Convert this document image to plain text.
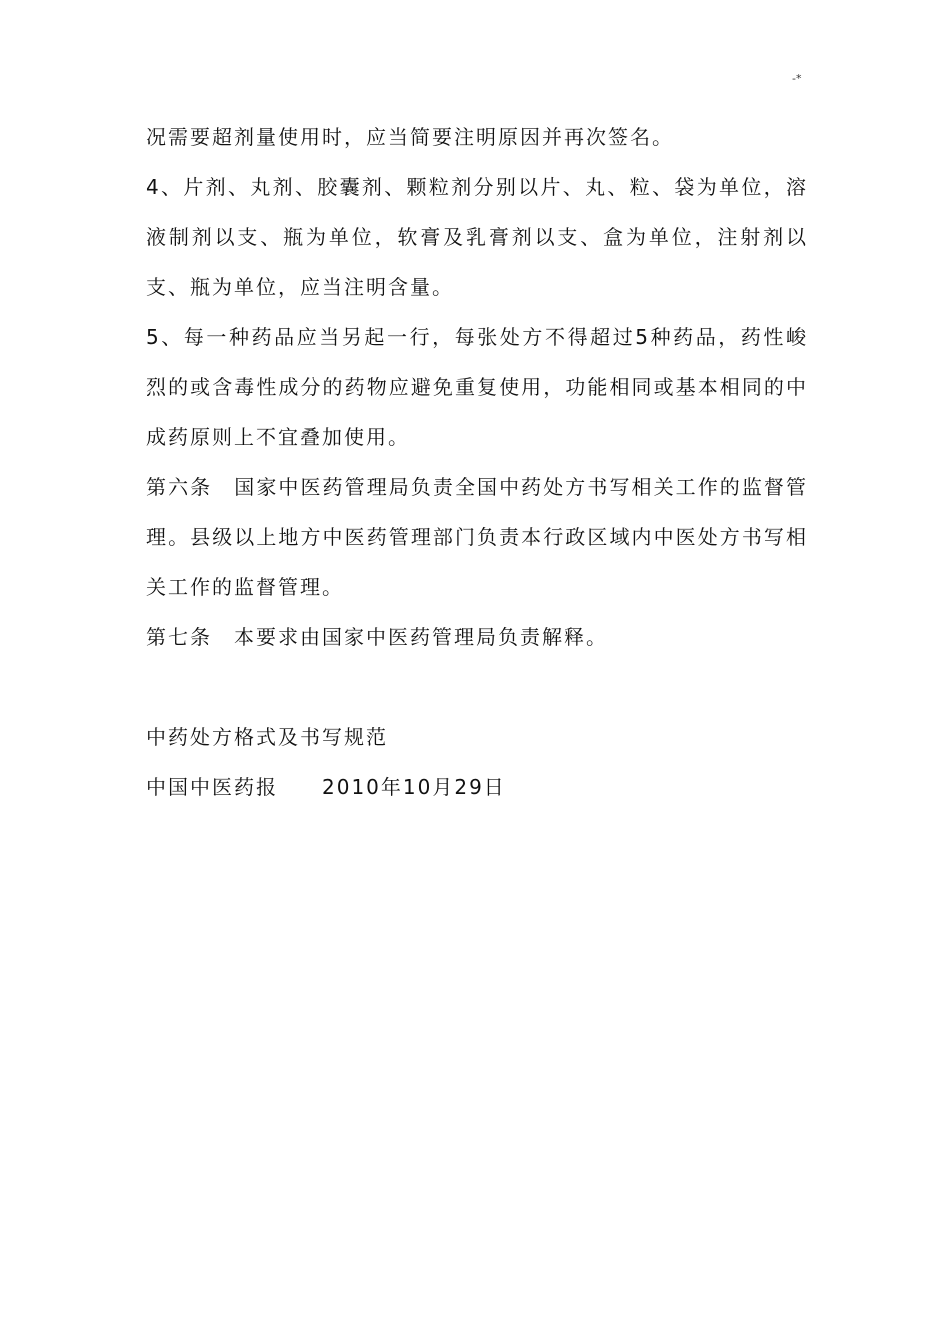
-*

况需要超剂量使用时，应当简要注明原因并再次签名。

4、片剂、丸剂、胶囊剂、颗粒剂分别以片、丸、粒、袋为单位，溶液制剂以支、瓶为单位，软膏及乳膏剂以支、盒为单位，注射剂以支、瓶为单位，应当注明含量。

5、每一种药品应当另起一行，每张处方不得超过5种药品，药性峻烈的或含毒性成分的药物应避免重复使用，功能相同或基本相同的中成药原则上不宜叠加使用。

第六条　国家中医药管理局负责全国中药处方书写相关工作的监督管理。县级以上地方中医药管理部门负责本行政区域内中医处方书写相关工作的监督管理。

第七条　本要求由国家中医药管理局负责解释。

中药处方格式及书写规范

中国中医药报　　2010年10月29日
